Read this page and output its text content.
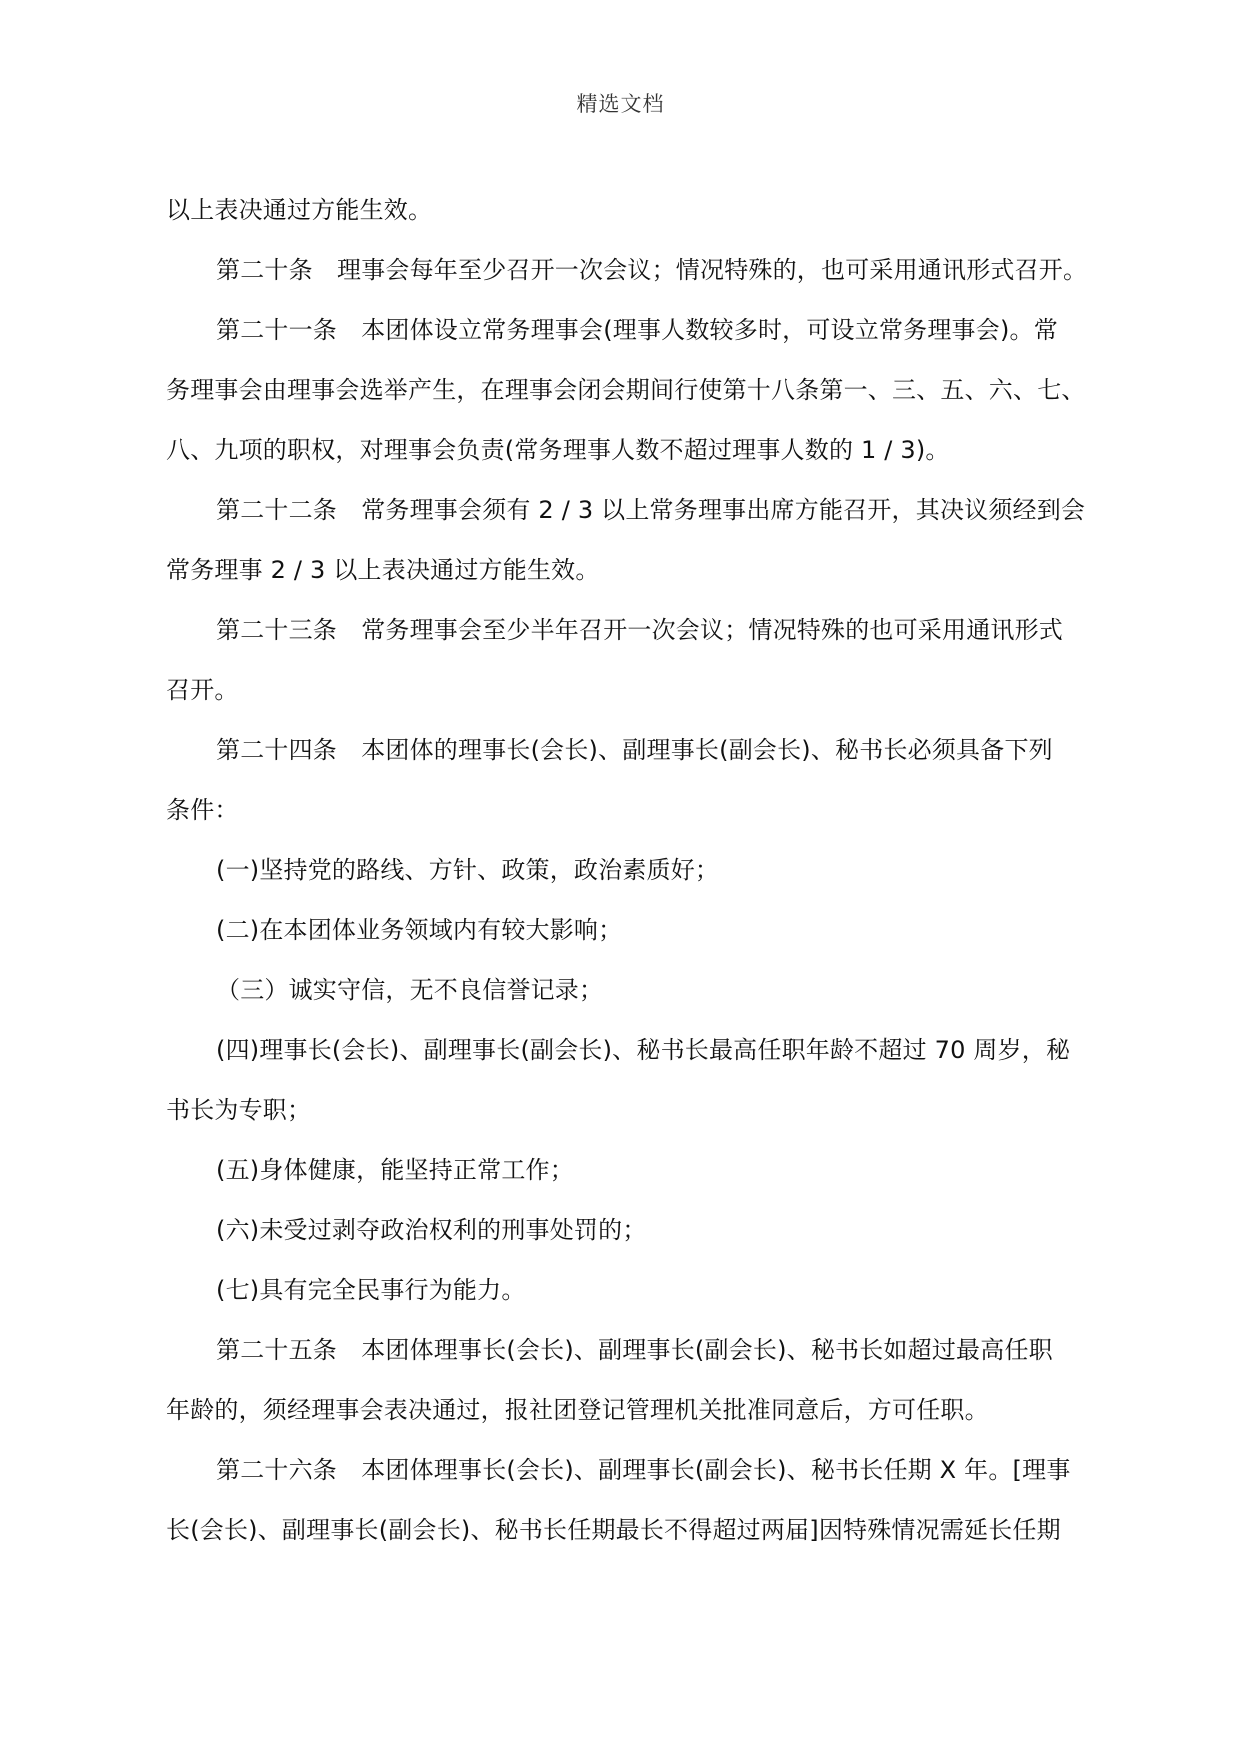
精选文档
以上表决通过方能生效。
第二十条　理事会每年至少召开一次会议；情况特殊的，也可采用通讯形式召开。
第二十一条　本团体设立常务理事会(理事人数较多时，可设立常务理事会)。常
务理事会由理事会选举产生，在理事会闭会期间行使第十八条第一、三、五、六、七、
八、九项的职权，对理事会负责(常务理事人数不超过理事人数的 1 / 3)。
第二十二条　常务理事会须有 2 / 3 以上常务理事出席方能召开，其决议须经到会
常务理事 2 / 3 以上表决通过方能生效。
第二十三条　常务理事会至少半年召开一次会议；情况特殊的也可采用通讯形式
召开。
第二十四条　本团体的理事长(会长)、副理事长(副会长)、秘书长必须具备下列
条件：
(一)坚持党的路线、方针、政策，政治素质好；
(二)在本团体业务领域内有较大影响；
（三）诚实守信，无不良信誉记录；
(四)理事长(会长)、副理事长(副会长)、秘书长最高任职年龄不超过 70 周岁，秘
书长为专职；
(五)身体健康，能坚持正常工作；
(六)未受过剥夺政治权利的刑事处罚的；
(七)具有完全民事行为能力。
第二十五条　本团体理事长(会长)、副理事长(副会长)、秘书长如超过最高任职
年龄的，须经理事会表决通过，报社团登记管理机关批准同意后，方可任职。
第二十六条　本团体理事长(会长)、副理事长(副会长)、秘书长任期 X 年。[理事
长(会长)、副理事长(副会长)、秘书长任期最长不得超过两届]因特殊情况需延长任期
